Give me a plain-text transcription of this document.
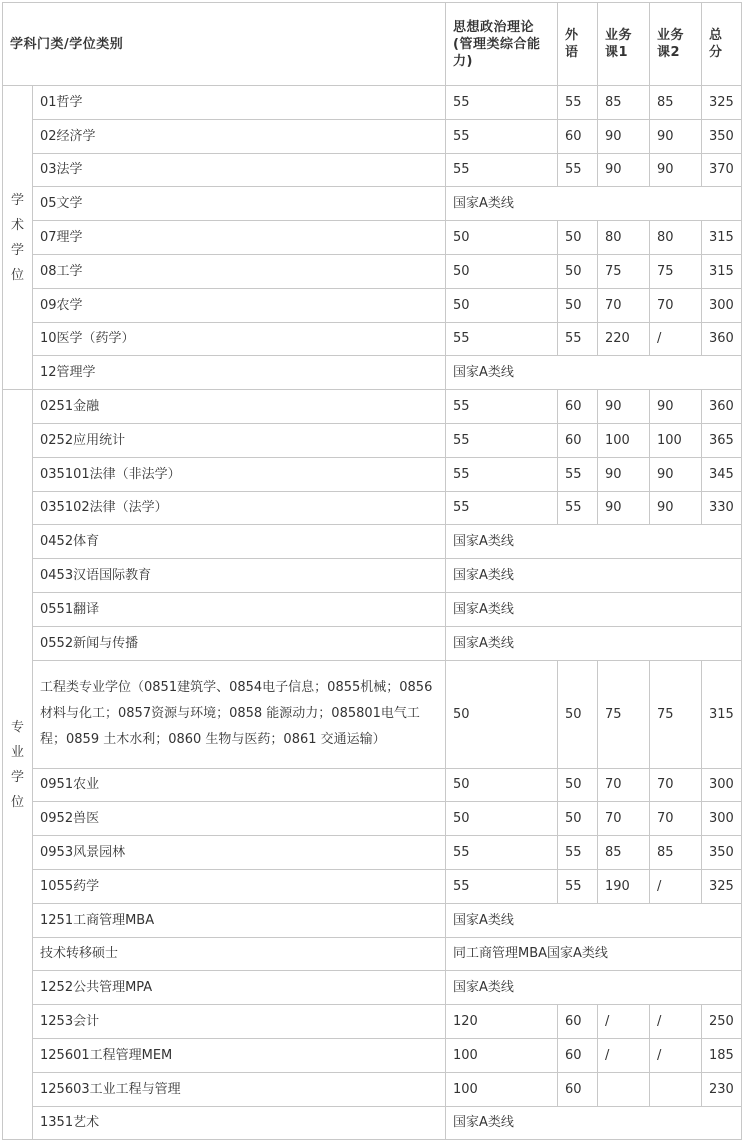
学科门类/学位类别		思想政治理论(管理类综合能力)	外语	业务课1	业务课2	总分
学术学位	01哲学	55	55	85	85	325
	02经济学	55	60	90	90	350
	03法学	55	55	90	90	370
	05文学	国家A类线				
	07理学	50	50	80	80	315
	08工学	50	50	75	75	315
	09农学	50	50	70	70	300
	10医学（药学）	55	55	220	/	360
	12管理学	国家A类线				
专业学位	0251金融	55	60	90	90	360
	0252应用统计	55	60	100	100	365
	035101法律（非法学）	55	55	90	90	345
	035102法律（法学）	55	55	90	90	330
	0452体育	国家A类线				
	0453汉语国际教育	国家A类线				
	0551翻译	国家A类线				
	0552新闻与传播	国家A类线				
	工程类专业学位（0851建筑学、0854电子信息；0855机械；0856材料与化工；0857资源与环境；0858 能源动力；085801电气工程；0859 土木水利；0860 生物与医药；0861 交通运输）	50	50	75	75	315
	0951农业	50	50	70	70	300
	0952兽医	50	50	70	70	300
	0953风景园林	55	55	85	85	350
	1055药学	55	55	190	/	325
	1251工商管理MBA	国家A类线				
	技术转移硕士	同工商管理MBA国家A类线				
	1252公共管理MPA	国家A类线				
	1253会计	120	60	/	/	250
	125601工程管理MEM	100	60	/	/	185
	125603工业工程与管理	100	60			230
	1351艺术	国家A类线				
